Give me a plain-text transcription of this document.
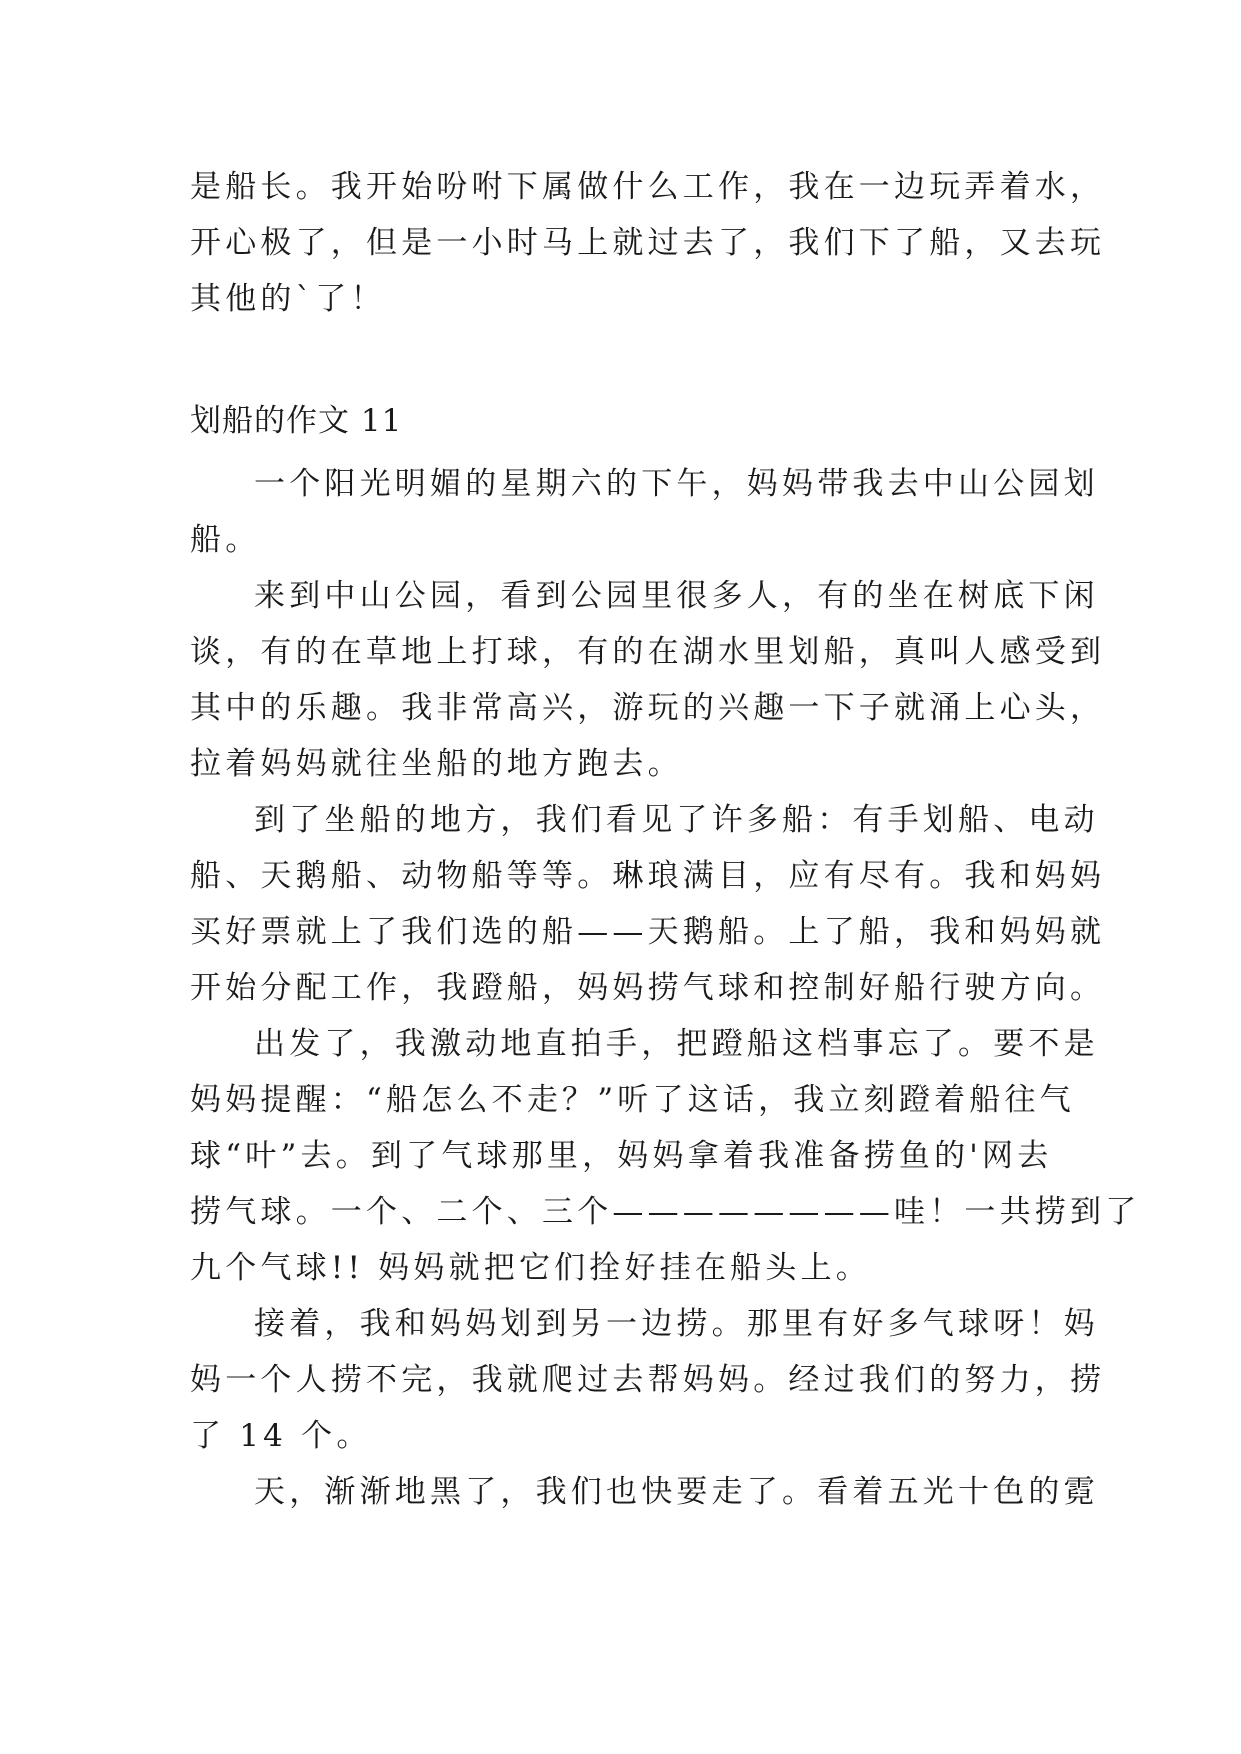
是船长。我开始吩咐下属做什么工作，我在一边玩弄着水，
开心极了，但是一小时马上就过去了，我们下了船，又去玩
其他的`了！
划船的作文 11
一个阳光明媚的星期六的下午，妈妈带我去中山公园划
船。
来到中山公园，看到公园里很多人，有的坐在树底下闲
谈，有的在草地上打球，有的在湖水里划船，真叫人感受到
其中的乐趣。我非常高兴，游玩的兴趣一下子就涌上心头，
拉着妈妈就往坐船的地方跑去。
到了坐船的地方，我们看见了许多船：有手划船、电动
船、天鹅船、动物船等等。琳琅满目，应有尽有。我和妈妈
买好票就上了我们选的船——天鹅船。上了船，我和妈妈就
开始分配工作，我蹬船，妈妈捞气球和控制好船行驶方向。
出发了，我激动地直拍手，把蹬船这档事忘了。要不是
妈妈提醒：“船怎么不走？”听了这话，我立刻蹬着船往气
球“叶”去。到了气球那里，妈妈拿着我准备捞鱼的'网去
捞气球。一个、二个、三个————————哇！一共捞到了
九个气球!! 妈妈就把它们拴好挂在船头上。
接着，我和妈妈划到另一边捞。那里有好多气球呀！妈
妈一个人捞不完，我就爬过去帮妈妈。经过我们的努力，捞
了 14 个。
天，渐渐地黑了，我们也快要走了。看着五光十色的霓
